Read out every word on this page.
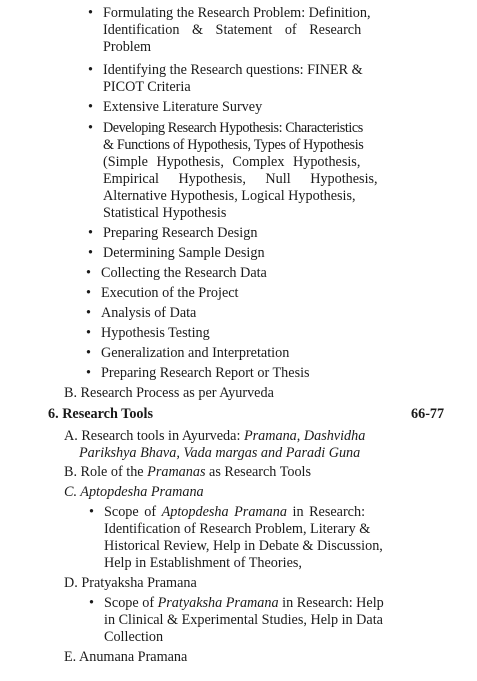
• Formulating the Research Problem: Definition,
Identification & Statement of Research
Problem
• Identifying the Research questions: FINER &
PICOT Criteria
• Extensive Literature Survey
• Developing Research Hypothesis: Characteristics
& Functions of Hypothesis, Types of Hypothesis
(Simple Hypothesis, Complex Hypothesis,
Empirical Hypothesis, Null Hypothesis,
Alternative Hypothesis, Logical Hypothesis,
Statistical Hypothesis
• Preparing Research Design
• Determining Sample Design
• Collecting the Research Data
• Execution of the Project
• Analysis of Data
• Hypothesis Testing
• Generalization and Interpretation
• Preparing Research Report or Thesis
B. Research Process as per Ayurveda
6. Research Tools	66-77
A. Research tools in Ayurveda: Pramana, Dashvidha
Parikshya Bhava, Vada margas and Paradi Guna
B. Role of the Pramanas as Research Tools
C. Aptopdesha Pramana
• Scope of Aptopdesha Pramana in Research:
Identification of Research Problem, Literary &
Historical Review, Help in Debate & Discussion,
Help in Establishment of Theories,
D. Pratyaksha Pramana
• Scope of Pratyaksha Pramana in Research: Help
in Clinical & Experimental Studies, Help in Data
Collection
E. Anumana Pramana
